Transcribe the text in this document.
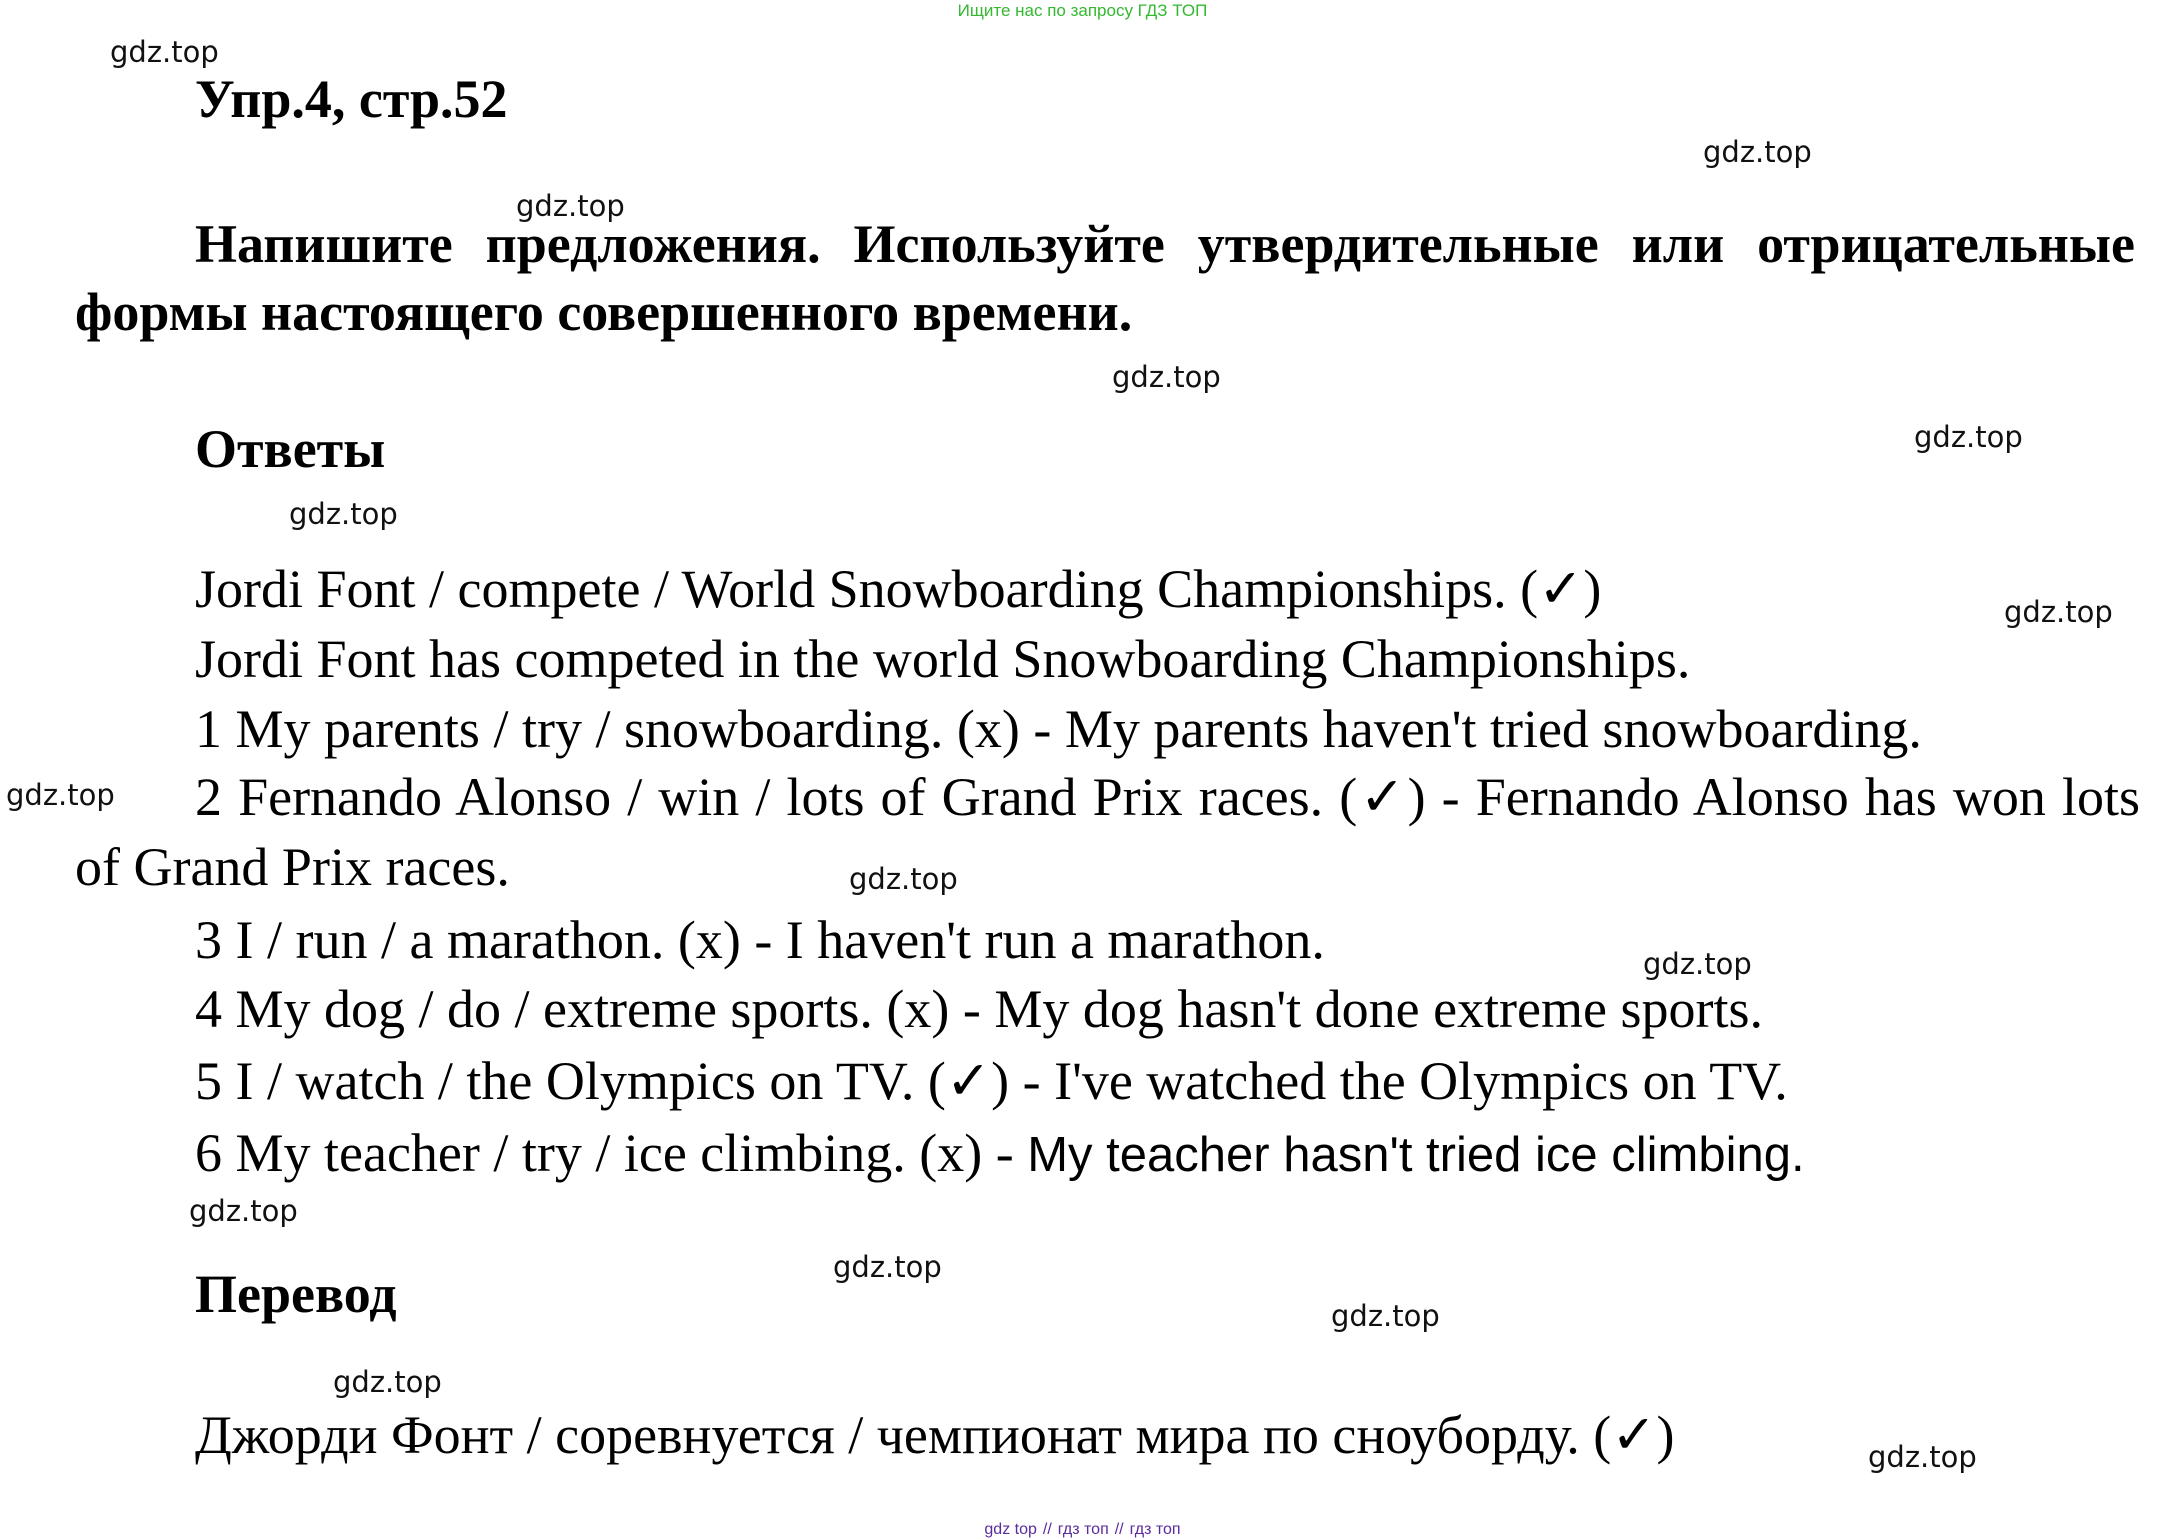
Ищите нас по запросу ГДЗ ТОП
gdz.top
gdz.top
gdz.top
gdz.top
gdz.top
gdz.top
gdz.top
gdz.top
gdz.top
gdz.top
gdz.top
gdz.top
gdz.top
gdz.top
gdz.top
Упр.4, стр.52
Напишите предложения. Используйте утвердительные или отрицательные формы настоящего совершенного времени.
Ответы
Jordi Font / compete / World Snowboarding Championships. (✓)
Jordi Font has competed in the world Snowboarding Championships.
1 My parents / try / snowboarding. (x) - My parents haven't tried snowboarding.
2 Fernando Alonso / win / lots of Grand Prix races. (✓) - Fernando Alonso has won lots of Grand Prix races.
3 I / run / a marathon. (x) - I haven't run a marathon.
4 My dog / do / extreme sports. (x) - My dog hasn't done extreme sports.
5 I / watch / the Olympics on TV. (✓) - I've watched the Olympics on TV.
6 My teacher / try / ice climbing. (x) - My teacher hasn't tried ice climbing.
Перевод
Джорди Фонт / соревнуется / чемпионат мира по сноуборду. (✓)
gdz top // гдз топ // гдз топ
